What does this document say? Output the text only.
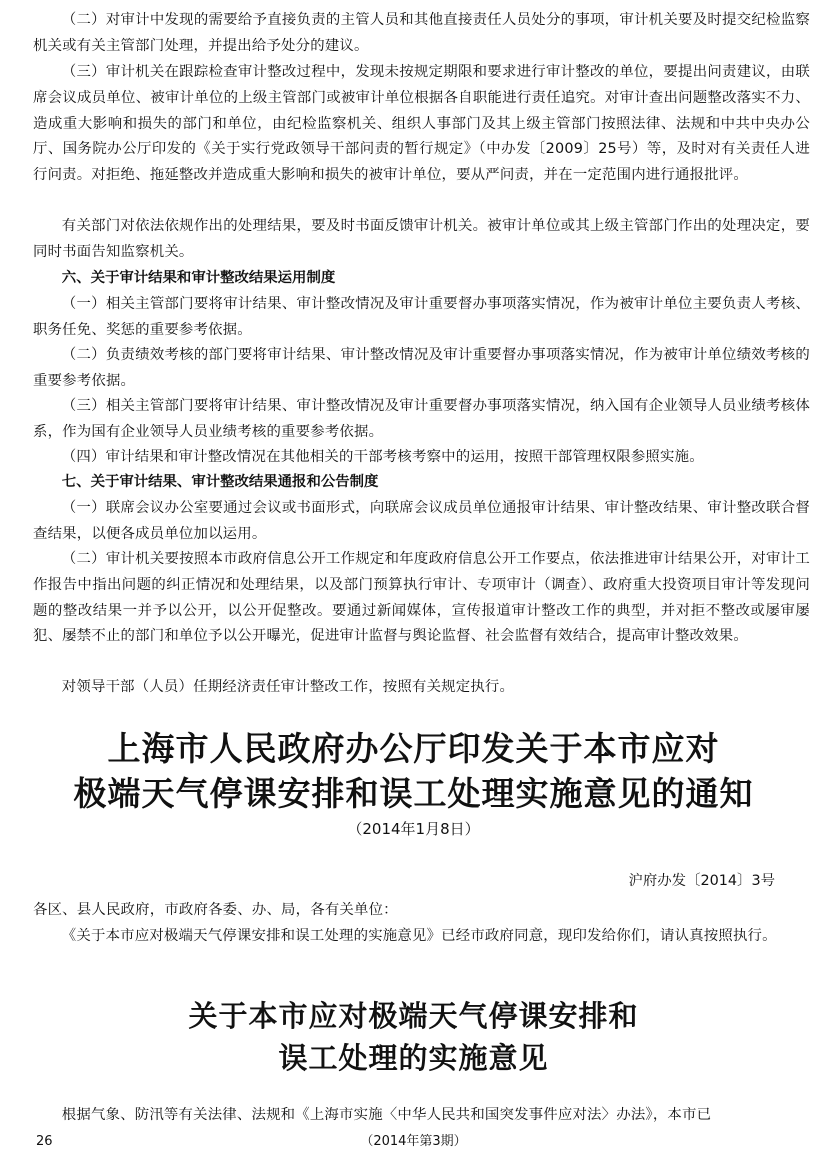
（二）对审计中发现的需要给予直接负责的主管人员和其他直接责任人员处分的事项，审计机关要及时提交纪检监察机关或有关主管部门处理，并提出给予处分的建议。

（三）审计机关在跟踪检查审计整改过程中，发现未按规定期限和要求进行审计整改的单位，要提出问责建议，由联席会议成员单位、被审计单位的上级主管部门或被审计单位根据各自职能进行责任追究。对审计查出问题整改落实不力、造成重大影响和损失的部门和单位，由纪检监察机关、组织人事部门及其上级主管部门按照法律、法规和中共中央办公厅、国务院办公厅印发的《关于实行党政领导干部问责的暂行规定》（中办发〔2009〕25号）等，及时对有关责任人进行问责。对拒绝、拖延整改并造成重大影响和损失的被审计单位，要从严问责，并在一定范围内进行通报批评。

有关部门对依法依规作出的处理结果，要及时书面反馈审计机关。被审计单位或其上级主管部门作出的处理决定，要同时书面告知监察机关。

六、关于审计结果和审计整改结果运用制度

（一）相关主管部门要将审计结果、审计整改情况及审计重要督办事项落实情况，作为被审计单位主要负责人考核、职务任免、奖惩的重要参考依据。

（二）负责绩效考核的部门要将审计结果、审计整改情况及审计重要督办事项落实情况，作为被审计单位绩效考核的重要参考依据。

（三）相关主管部门要将审计结果、审计整改情况及审计重要督办事项落实情况，纳入国有企业领导人员业绩考核体系，作为国有企业领导人员业绩考核的重要参考依据。

（四）审计结果和审计整改情况在其他相关的干部考核考察中的运用，按照干部管理权限参照实施。

七、关于审计结果、审计整改结果通报和公告制度

（一）联席会议办公室要通过会议或书面形式，向联席会议成员单位通报审计结果、审计整改结果、审计整改联合督查结果，以便各成员单位加以运用。

（二）审计机关要按照本市政府信息公开工作规定和年度政府信息公开工作要点，依法推进审计结果公开，对审计工作报告中指出问题的纠正情况和处理结果，以及部门预算执行审计、专项审计（调查）、政府重大投资项目审计等发现问题的整改结果一并予以公开，以公开促整改。要通过新闻媒体，宣传报道审计整改工作的典型，并对拒不整改或屡审屡犯、屡禁不止的部门和单位予以公开曝光，促进审计监督与舆论监督、社会监督有效结合，提高审计整改效果。

对领导干部（人员）任期经济责任审计整改工作，按照有关规定执行。

上海市人民政府办公厅印发关于本市应对
极端天气停课安排和误工处理实施意见的通知
（2014年1月8日）
沪府办发〔2014〕3号

各区、县人民政府，市政府各委、办、局，各有关单位：

《关于本市应对极端天气停课安排和误工处理的实施意见》已经市政府同意，现印发给你们，请认真按照执行。

关于本市应对极端天气停课安排和
误工处理的实施意见

根据气象、防汛等有关法律、法规和《上海市实施〈中华人民共和国突发事件应对法〉办法》，本市已

26	（2014年第3期）
